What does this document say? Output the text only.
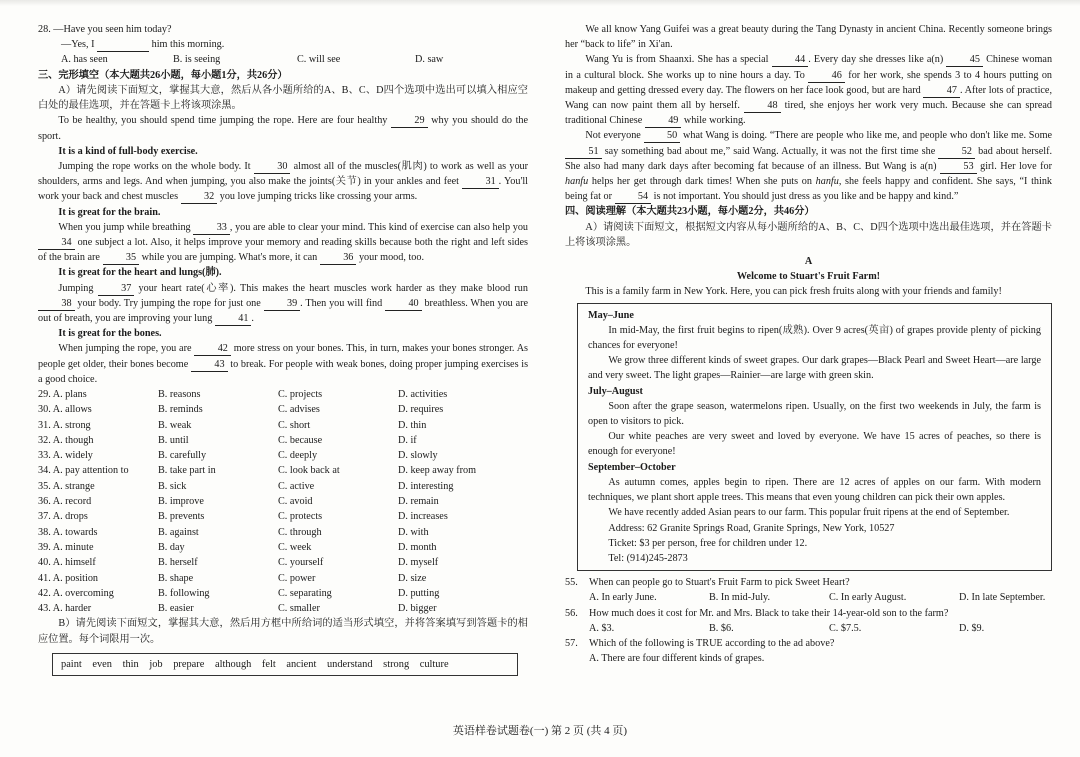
28. —Have you seen him today?

—Yes, I	him this morning.

A. has seen	B. is seeing	C. will see	D. saw

三、完形填空（本大题共26小题，每小题1分，共26分）

A）请先阅读下面短文，掌握其大意，然后从各小题所给的A、B、C、D四个选项中选出可以填入相应空白处的最佳选项，并在答题卡上将该项涂黑。

To be healthy, you should spend time jumping the rope. Here are four healthy	29 why you should do the sport.

It is a kind of full-body exercise.

Jumping the rope works on the whole body. It	30 almost all of the muscles(肌肉) to work as well as your shoulders, arms and legs. And when jumping, you also make the joints(关节) in your ankles and feet	31 . You'll work your back and chest muscles	32 you love jumping tricks like crossing your arms.

It is great for the brain.

When you jump while breathing	33 , you are able to clear your mind. This kind of exercise can also help you 34 one subject a lot. Also, it helps improve your memory and reading skills because both the right and left sides of the brain are	35 while you are jumping. What's more, it can	36 your mood, too.

It is great for the heart and lungs(肺).

Jumping	37 your heart rate(心率). This makes the heart muscles work harder as they make blood run 38 your body. Try jumping the rope for just one	39 . Then you will find	40 breathless. When you are out of breath, you are improving your lung	41 .

It is great for the bones.

When jumping the rope, you are	42 more stress on your bones. This, in turn, makes your bones stronger. As people get older, their bones become	43 to break. For people with weak bones, doing proper jumping exercises is a good choice.

29. A. plans	B. reasons	C. projects	D. activities
30. A. allows	B. reminds	C. advises	D. requires
31. A. strong	B. weak	C. short	D. thin
32. A. though	B. until	C. because	D. if
33. A. widely	B. carefully	C. deeply	D. slowly
34. A. pay attention to	B. take part in	C. look back at	D. keep away from
35. A. strange	B. sick	C. active	D. interesting
36. A. record	B. improve	C. avoid	D. remain
37. A. drops	B. prevents	C. protects	D. increases
38. A. towards	B. against	C. through	D. with
39. A. minute	B. day	C. week	D. month
40. A. himself	B. herself	C. yourself	D. myself
41. A. position	B. shape	C. power	D. size
42. A. overcoming	B. following	C. separating	D. putting
43. A. harder	B. easier	C. smaller	D. bigger

B）请先阅读下面短文，掌握其大意，然后用方框中所给词的适当形式填空，并将答案填写到答题卡的相应位置。每个词限用一次。

paint even thin job prepare although felt ancient understand strong culture

We all know Yang Guifei was a great beauty during the Tang Dynasty in ancient China. Recently someone brings her “back to life” in Xi'an.

Wang Yu is from Shaanxi. She has a special	44 . Every day she dresses like a(n)	45 Chinese woman in a cultural block. She works up to nine hours a day. To	46 for her work, she spends 3 to 4 hours putting on makeup and getting dressed every day. The flowers on her face look good, but are hard	47 . After lots of practice, Wang can now paint them all by herself.	48 tired, she enjoys her work very much. Because she can spread traditional Chinese	49 while working.

Not everyone	50 what Wang is doing. “There are people who like me, and people who don't like me. Some 51 say something bad about me,” said Wang. Actually, it was not the first time she	52 bad about herself. She also had many dark days after becoming fat because of an illness. But Wang is a(n)	53 girl. Her love for hanfu helps her get through dark times! When she puts on hanfu, she feels happy and confident. She says, “I think being fat or	54 is not important. You should just dress as you like and be happy and kind.”

四、阅读理解（本大题共23小题，每小题2分，共46分）

A）请阅读下面短文，根据短文内容从每小题所给的A、B、C、D四个选项中选出最佳选项，并在答题卡上将该项涂黑。

A

Welcome to Stuart's Fruit Farm!

This is a family farm in New York. Here, you can pick fresh fruits along with your friends and family!

May–June

In mid-May, the first fruit begins to ripen(成熟). Over 9 acres(英亩) of grapes provide plenty of picking chances for everyone!

We grow three different kinds of sweet grapes. Our dark grapes—Black Pearl and Sweet Heart—are large and very sweet. The light grapes—Rainier—are large with green skin.

July–August

Soon after the grape season, watermelons ripen. Usually, on the first two weekends in July, the farm is open to visitors to pick.

Our white peaches are very sweet and loved by everyone. We have 15 acres of peaches, so there is enough for everyone!

September–October

As autumn comes, apples begin to ripen. There are 12 acres of apples on our farm. With modern techniques, we plant short apple trees. This means that even young children can pick their own apples.

We have recently added Asian pears to our farm. This popular fruit ripens at the end of September.

Address: 62 Granite Springs Road, Granite Springs, New York, 10527

Ticket: $3 per person, free for children under 12.

Tel: (914)245-2873

55.	When can people go to Stuart's Fruit Farm to pick Sweet Heart?
A. In early June.	B. In mid-July.	C. In early August.	D. In late September.
56.	How much does it cost for Mr. and Mrs. Black to take their 14-year-old son to the farm?
A. $3.	B. $6.	C. $7.5.	D. $9.
57.	Which of the following is TRUE according to the ad above?
A. There are four different kinds of grapes.
英语样卷试题卷(一) 第 2 页 (共 4 页)
